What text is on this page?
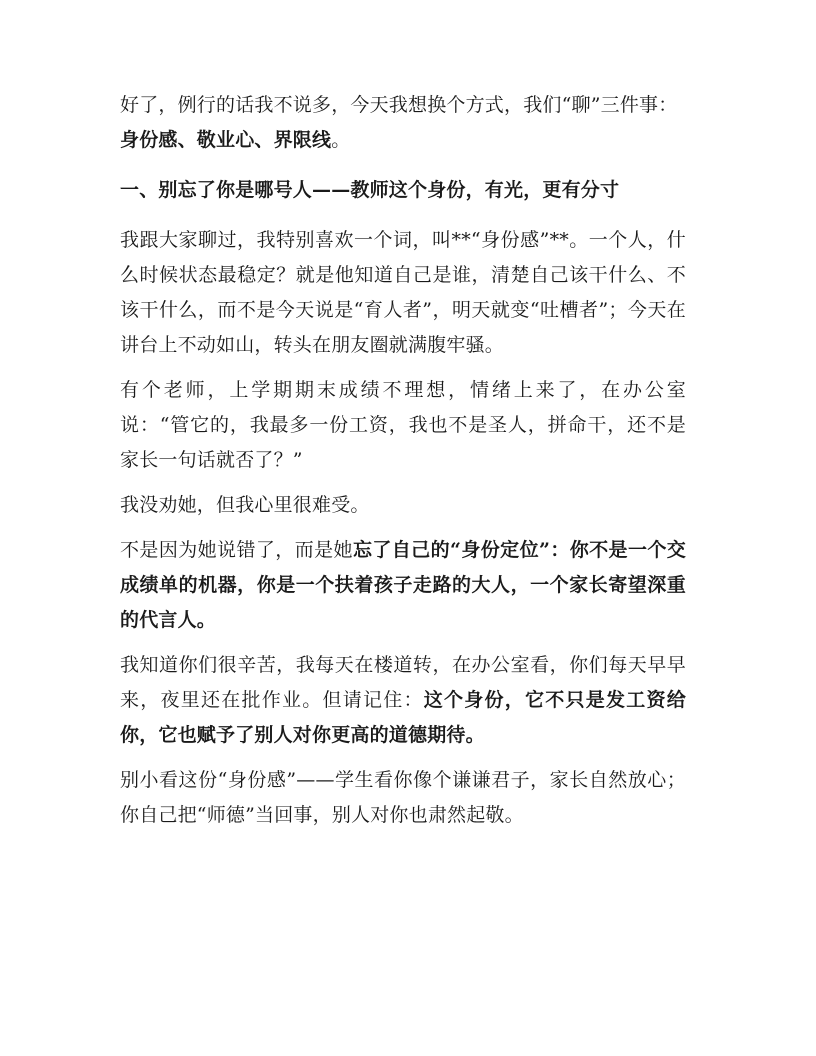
好了，例行的话我不说多，今天我想换个方式，我们“聊”三件事：
身份感、敬业心、界限线。

一、别忘了你是哪号人——教师这个身份，有光，更有分寸

我跟大家聊过，我特别喜欢一个词，叫**“身份感”**。一个人，什么时候状态最稳定？就是他知道自己是谁，清楚自己该干什么、不该干什么，而不是今天说是“育人者”，明天就变“吐槽者”；今天在讲台上不动如山，转头在朋友圈就满腹牢骚。

有个老师，上学期期末成绩不理想，情绪上来了，在办公室说：“管它的，我最多一份工资，我也不是圣人，拼命干，还不是家长一句话就否了？”

我没劝她，但我心里很难受。

不是因为她说错了，而是她忘了自己的“身份定位”：你不是一个交成绩单的机器，你是一个扶着孩子走路的大人，一个家长寄望深重的代言人。

我知道你们很辛苦，我每天在楼道转，在办公室看，你们每天早早来，夜里还在批作业。但请记住：这个身份，它不只是发工资给你，它也赋予了别人对你更高的道德期待。

别小看这份“身份感”——学生看你像个谦谦君子，家长自然放心；你自己把“师德”当回事，别人对你也肃然起敬。
